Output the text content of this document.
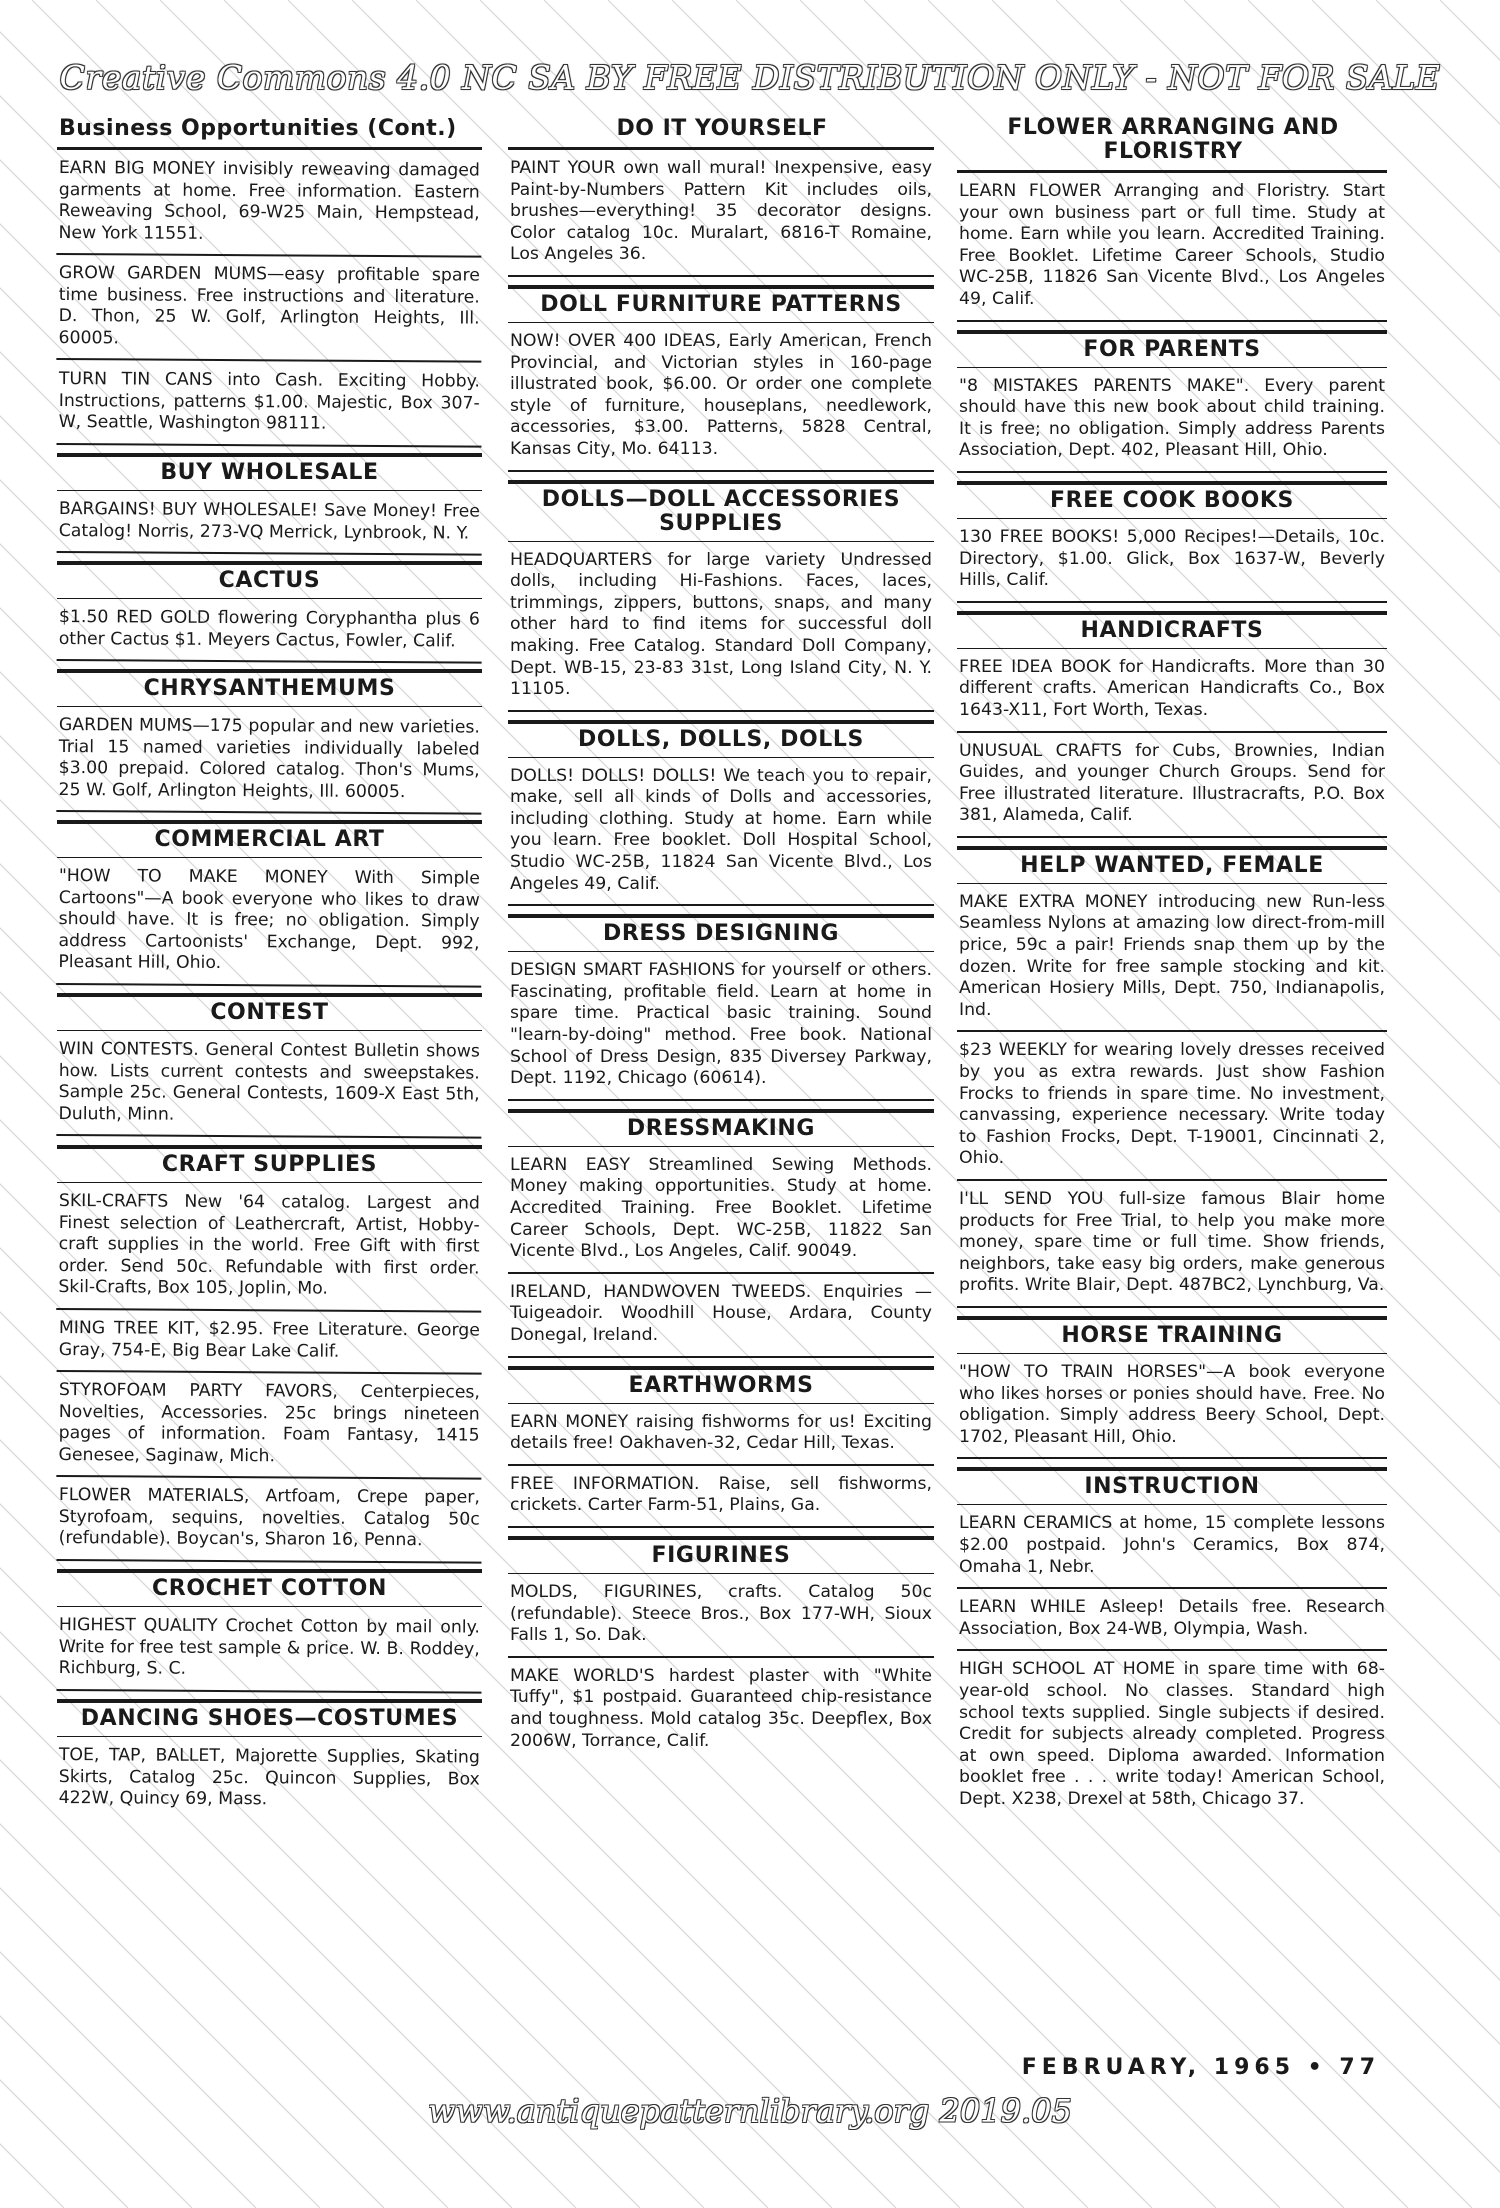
Creative Commons 4.0 NC SA BY FREE DISTRIBUTION ONLY - NOT FOR SALE
Business Opportunities (Cont.)

EARN BIG MONEY invisibly reweaving damaged garments at home. Free information. Eastern Reweaving School, 69-W25 Main, Hempstead, New York 11551.

GROW GARDEN MUMS—easy profitable spare time business. Free instructions and literature. D. Thon, 25 W. Golf, Arlington Heights, Ill. 60005.

TURN TIN CANS into Cash. Exciting Hobby. Instructions, patterns $1.00. Majestic, Box 307-W, Seattle, Washington 98111.

BUY WHOLESALE

BARGAINS! BUY WHOLESALE! Save Money! Free Catalog! Norris, 273-VQ Merrick, Lynbrook, N. Y.

CACTUS

$1.50 RED GOLD flowering Coryphantha plus 6 other Cactus $1. Meyers Cactus, Fowler, Calif.

CHRYSANTHEMUMS

GARDEN MUMS—175 popular and new varieties. Trial 15 named varieties individually labeled $3.00 prepaid. Colored catalog. Thon's Mums, 25 W. Golf, Arlington Heights, Ill. 60005.

COMMERCIAL ART

"HOW TO MAKE MONEY With Simple Cartoons"—A book everyone who likes to draw should have. It is free; no obligation. Simply address Cartoonists' Exchange, Dept. 992, Pleasant Hill, Ohio.

CONTEST

WIN CONTESTS. General Contest Bulletin shows how. Lists current contests and sweepstakes. Sample 25c. General Contests, 1609-X East 5th, Duluth, Minn.

CRAFT SUPPLIES

SKIL-CRAFTS New '64 catalog. Largest and Finest selection of Leathercraft, Artist, Hobby-craft supplies in the world. Free Gift with first order. Send 50c. Refundable with first order. Skil-Crafts, Box 105, Joplin, Mo.

MING TREE KIT, $2.95. Free Literature. George Gray, 754-E, Big Bear Lake Calif.

STYROFOAM PARTY FAVORS, Centerpieces, Novelties, Accessories. 25c brings nineteen pages of information. Foam Fantasy, 1415 Genesee, Saginaw, Mich.

FLOWER MATERIALS, Artfoam, Crepe paper, Styrofoam, sequins, novelties. Catalog 50c (refundable). Boycan's, Sharon 16, Penna.

CROCHET COTTON

HIGHEST QUALITY Crochet Cotton by mail only. Write for free test sample & price. W. B. Roddey, Richburg, S. C.

DANCING SHOES—COSTUMES

TOE, TAP, BALLET, Majorette Supplies, Skating Skirts, Catalog 25c. Quincon Supplies, Box 422W, Quincy 69, Mass.

DO IT YOURSELF

PAINT YOUR own wall mural! Inexpensive, easy Paint-by-Numbers Pattern Kit includes oils, brushes—everything! 35 decorator designs. Color catalog 10c. Muralart, 6816-T Romaine, Los Angeles 36.

DOLL FURNITURE PATTERNS

NOW! OVER 400 IDEAS, Early American, French Provincial, and Victorian styles in 160-page illustrated book, $6.00. Or order one complete style of furniture, houseplans, needlework, accessories, $3.00. Patterns, 5828 Central, Kansas City, Mo. 64113.

DOLLS—DOLL ACCESSORIES SUPPLIES

HEADQUARTERS for large variety Undressed dolls, including Hi-Fashions. Faces, laces, trimmings, zippers, buttons, snaps, and many other hard to find items for successful doll making. Free Catalog. Standard Doll Company, Dept. WB-15, 23-83 31st, Long Island City, N. Y. 11105.

DOLLS, DOLLS, DOLLS

DOLLS! DOLLS! DOLLS! We teach you to repair, make, sell all kinds of Dolls and accessories, including clothing. Study at home. Earn while you learn. Free booklet. Doll Hospital School, Studio WC-25B, 11824 San Vicente Blvd., Los Angeles 49, Calif.

DRESS DESIGNING

DESIGN SMART FASHIONS for yourself or others. Fascinating, profitable field. Learn at home in spare time. Practical basic training. Sound "learn-by-doing" method. Free book. National School of Dress Design, 835 Diversey Parkway, Dept. 1192, Chicago (60614).

DRESSMAKING

LEARN EASY Streamlined Sewing Methods. Money making opportunities. Study at home. Accredited Training. Free Booklet. Lifetime Career Schools, Dept. WC-25B, 11822 San Vicente Blvd., Los Angeles, Calif. 90049.

IRELAND, HANDWOVEN TWEEDS. Enquiries — Tuigeadoir. Woodhill House, Ardara, County Donegal, Ireland.

EARTHWORMS

EARN MONEY raising fishworms for us! Exciting details free! Oakhaven-32, Cedar Hill, Texas.

FREE INFORMATION. Raise, sell fishworms, crickets. Carter Farm-51, Plains, Ga.

FIGURINES

MOLDS, FIGURINES, crafts. Catalog 50c (refundable). Steece Bros., Box 177-WH, Sioux Falls 1, So. Dak.

MAKE WORLD'S hardest plaster with "White Tuffy", $1 postpaid. Guaranteed chip-resistance and toughness. Mold catalog 35c. Deepflex, Box 2006W, Torrance, Calif.

FLOWER ARRANGING AND FLORISTRY

LEARN FLOWER Arranging and Floristry. Start your own business part or full time. Study at home. Earn while you learn. Accredited Training. Free Booklet. Lifetime Career Schools, Studio WC-25B, 11826 San Vicente Blvd., Los Angeles 49, Calif.

FOR PARENTS

"8 MISTAKES PARENTS MAKE". Every parent should have this new book about child training. It is free; no obligation. Simply address Parents Association, Dept. 402, Pleasant Hill, Ohio.

FREE COOK BOOKS

130 FREE BOOKS! 5,000 Recipes!—Details, 10c. Directory, $1.00. Glick, Box 1637-W, Beverly Hills, Calif.

HANDICRAFTS

FREE IDEA BOOK for Handicrafts. More than 30 different crafts. American Handicrafts Co., Box 1643-X11, Fort Worth, Texas.

UNUSUAL CRAFTS for Cubs, Brownies, Indian Guides, and younger Church Groups. Send for Free illustrated literature. Illustracrafts, P.O. Box 381, Alameda, Calif.

HELP WANTED, FEMALE

MAKE EXTRA MONEY introducing new Run-less Seamless Nylons at amazing low direct-from-mill price, 59c a pair! Friends snap them up by the dozen. Write for free sample stocking and kit. American Hosiery Mills, Dept. 750, Indianapolis, Ind.

$23 WEEKLY for wearing lovely dresses received by you as extra rewards. Just show Fashion Frocks to friends in spare time. No investment, canvassing, experience necessary. Write today to Fashion Frocks, Dept. T-19001, Cincinnati 2, Ohio.

I'LL SEND YOU full-size famous Blair home products for Free Trial, to help you make more money, spare time or full time. Show friends, neighbors, take easy big orders, make generous profits. Write Blair, Dept. 487BC2, Lynchburg, Va.

HORSE TRAINING

"HOW TO TRAIN HORSES"—A book everyone who likes horses or ponies should have. Free. No obligation. Simply address Beery School, Dept. 1702, Pleasant Hill, Ohio.

INSTRUCTION

LEARN CERAMICS at home, 15 complete lessons $2.00 postpaid. John's Ceramics, Box 874, Omaha 1, Nebr.

LEARN WHILE Asleep! Details free. Research Association, Box 24-WB, Olympia, Wash.

HIGH SCHOOL AT HOME in spare time with 68-year-old school. No classes. Standard high school texts supplied. Single subjects if desired. Credit for subjects already completed. Progress at own speed. Diploma awarded. Information booklet free . . . write today! American School, Dept. X238, Drexel at 58th, Chicago 37.

FEBRUARY, 1965 • 77
www.antiquepatternlibrary.org 2019.05
